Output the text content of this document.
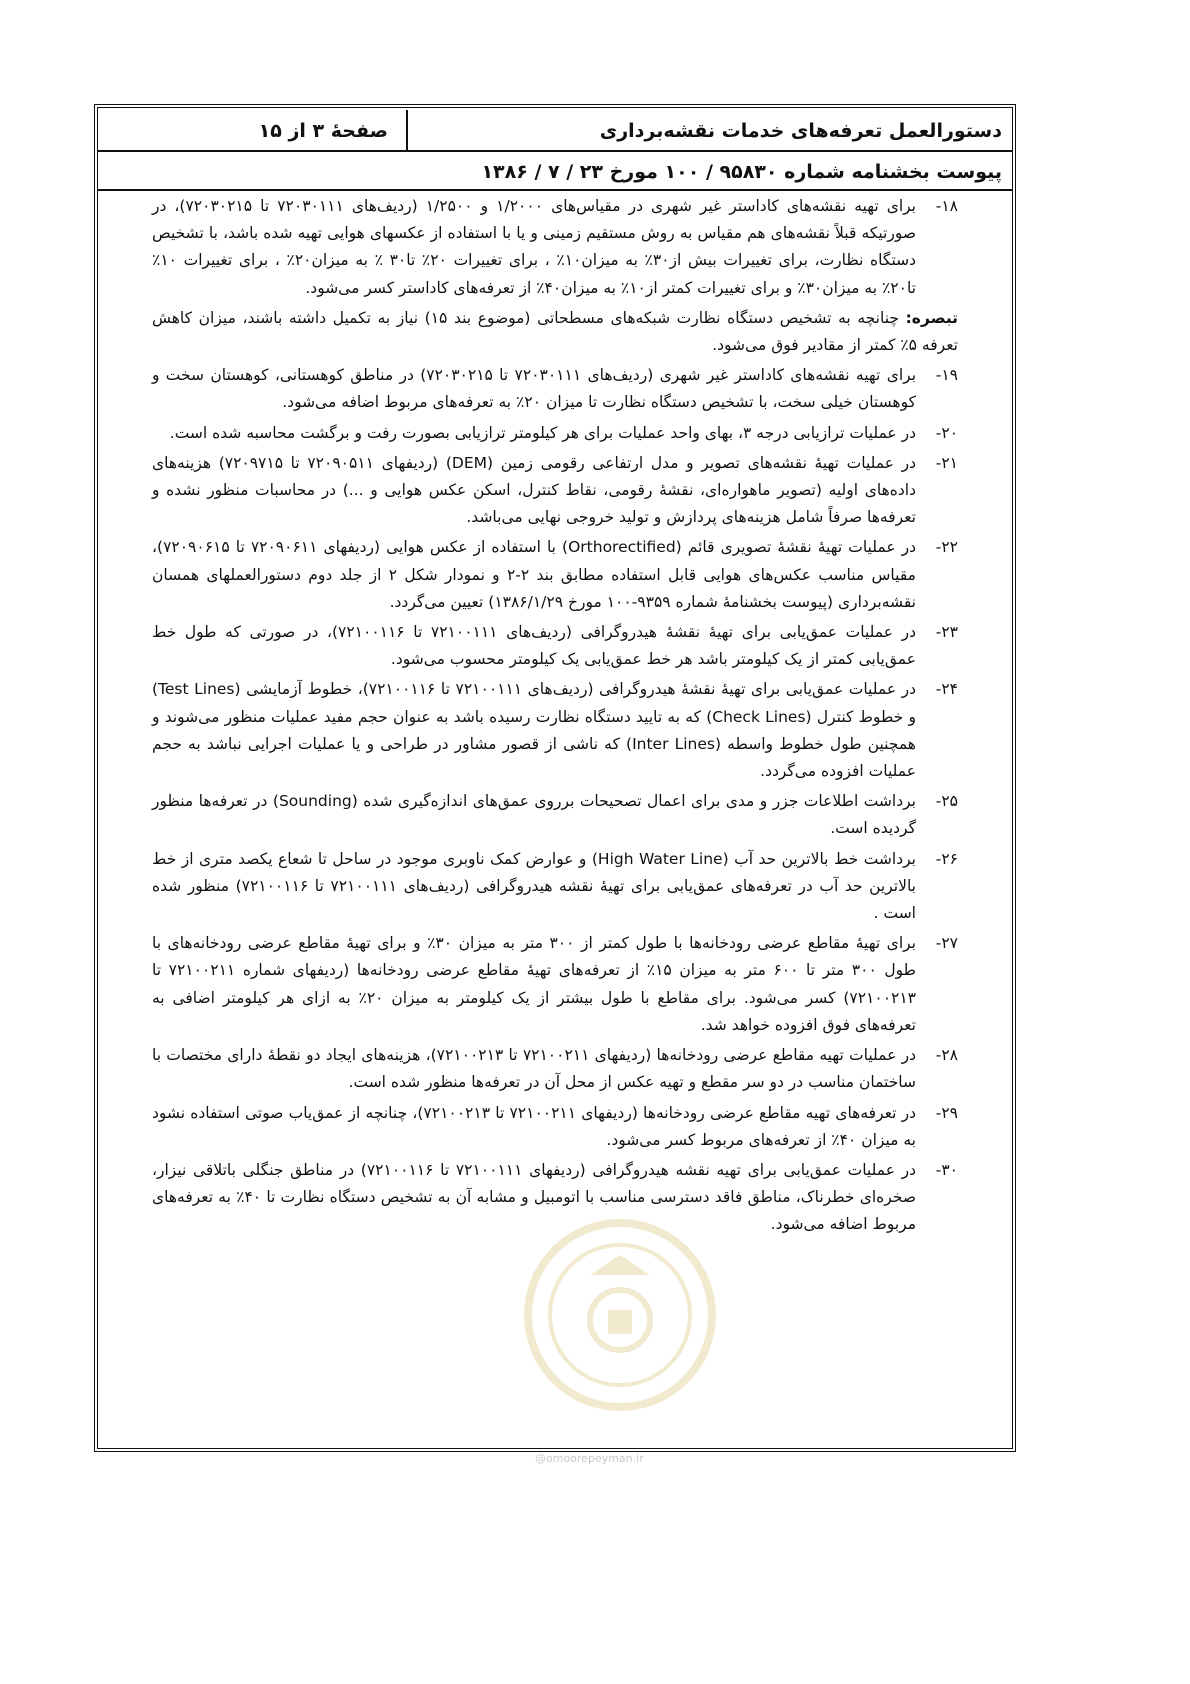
دستورالعمل تعرفه‌های خدمات نقشه‌برداری
صفحهٔ ۳ از ۱۵
پیوست بخشنامه شماره ۹۵۸۳۰ / ۱۰۰ مورخ ۲۳ / ۷ / ۱۳۸۶
۱۸-
برای تهیه نقشه‌های کاداستر غیر شهری در مقیاس‌های ۱/۲۰۰۰ و ۱/۲۵۰۰ (ردیف‌های ۷۲۰۳۰۱۱۱ تا ۷۲۰۳۰۲۱۵)، در صورتیکه قبلاً نقشه‌های هم مقیاس به روش مستقیم زمینی و یا با استفاده از عکسهای هوایی تهیه شده باشد، با تشخیص دستگاه نظارت، برای تغییرات بیش از۳۰٪ به میزان۱۰٪ ، برای تغییرات ۲۰٪ تا۳۰ ٪ به میزان۲۰٪ ، برای تغییرات ۱۰٪ تا۲۰٪ به میزان۳۰٪ و برای تغییرات کمتر از۱۰٪ به میزان۴۰٪ از تعرفه‌های کاداستر کسر می‌شود.
تبصره: چنانچه به تشخیص دستگاه نظارت شبکه‌های مسطحاتی (موضوع بند ۱۵) نیاز به تکمیل داشته باشند، میزان کاهش تعرفه ۵٪ کمتر از مقادیر فوق می‌شود.
۱۹-
برای تهیه نقشه‌های کاداستر غیر شهری (ردیف‌های ۷۲۰۳۰۱۱۱ تا ۷۲۰۳۰۲۱۵) در مناطق کوهستانی، کوهستان سخت و کوهستان خیلی سخت، با تشخیص دستگاه نظارت تا میزان ۲۰٪ به تعرفه‌های مربوط اضافه می‌شود.
۲۰-
در عملیات ترازیابی درجه ۳، بهای واحد عملیات برای هر کیلومتر ترازیابی بصورت رفت و برگشت محاسبه شده است.
۲۱-
در عملیات تهیهٔ نقشه‌های تصویر و مدل ارتفاعی رقومی زمین (DEM) (ردیفهای ۷۲۰۹۰۵۱۱ تا ۷۲۰۹۷۱۵) هزینه‌های داده‌های اولیه (تصویر ماهواره‌ای، نقشهٔ رقومی، نقاط کنترل، اسکن عکس هوایی و ...) در محاسبات منظور نشده و تعرفه‌ها صرفاً شامل هزینه‌های پردازش و تولید خروجی نهایی می‌باشد.
۲۲-
در عملیات تهیهٔ نقشهٔ تصویری قائم (Orthorectified) با استفاده از عکس هوایی (ردیفهای ۷۲۰۹۰۶۱۱ تا ۷۲۰۹۰۶۱۵)، مقیاس مناسب عکس‌های هوایی قابل استفاده مطابق بند ۲-۲ و نمودار شکل ۲ از جلد دوم دستورالعملهای همسان نقشه‌برداری (پیوست بخشنامهٔ شماره ۹۳۵۹-۱۰۰ مورخ ۱۳۸۶/۱/۲۹) تعیین می‌گردد.
۲۳-
در عملیات عمق‌یابی برای تهیهٔ نقشهٔ هیدروگرافی (ردیف‌های ۷۲۱۰۰۱۱۱ تا ۷۲۱۰۰۱۱۶)، در صورتی که طول خط عمق‌یابی کمتر از یک کیلومتر باشد هر خط عمق‌یابی یک کیلومتر محسوب می‌شود.
۲۴-
در عملیات عمق‌یابی برای تهیهٔ نقشهٔ هیدروگرافی (ردیف‌های ۷۲۱۰۰۱۱۱ تا ۷۲۱۰۰۱۱۶)، خطوط آزمایشی (Test Lines) و خطوط کنترل (Check Lines) که به تایید دستگاه نظارت رسیده باشد به عنوان حجم مفید عملیات منظور می‌شوند و همچنین طول خطوط واسطه (Inter Lines) که ناشی از قصور مشاور در طراحی و یا عملیات اجرایی نباشد به حجم عملیات افزوده می‌گردد.
۲۵-
برداشت اطلاعات جزر و مدی برای اعمال تصحیحات برروی عمق‌های اندازه‌گیری شده (Sounding) در تعرفه‌ها منظور گردیده است.
۲۶-
برداشت خط بالاترین حد آب (High Water Line) و عوارض کمک ناوبری موجود در ساحل تا شعاع یکصد متری از خط بالاترین حد آب در تعرفه‌های عمق‌یابی برای تهیهٔ نقشه هیدروگرافی (ردیف‌های ۷۲۱۰۰۱۱۱ تا ۷۲۱۰۰۱۱۶) منظور شده است .
۲۷-
برای تهیهٔ مقاطع عرضی رودخانه‌ها با طول کمتر از ۳۰۰ متر به میزان ۳۰٪ و برای تهیهٔ مقاطع عرضی رودخانه‌های با طول ۳۰۰ متر تا ۶۰۰ متر به میزان ۱۵٪ از تعرفه‌های تهیهٔ مقاطع عرضی رودخانه‌ها (ردیفهای شماره ۷۲۱۰۰۲۱۱ تا ۷۲۱۰۰۲۱۳) کسر می‌شود. برای مقاطع با طول بیشتر از یک کیلومتر به میزان ۲۰٪ به ازای هر کیلومتر اضافی به تعرفه‌های فوق افزوده خواهد شد.
۲۸-
در عملیات تهیه مقاطع عرضی رودخانه‌ها (ردیفهای ۷۲۱۰۰۲۱۱ تا ۷۲۱۰۰۲۱۳)، هزینه‌های ایجاد دو نقطهٔ دارای مختصات با ساختمان مناسب در دو سر مقطع و تهیه عکس از محل آن در تعرفه‌ها منظور شده است.
۲۹-
در تعرفه‌های تهیه مقاطع عرضی رودخانه‌ها (ردیفهای ۷۲۱۰۰۲۱۱ تا ۷۲۱۰۰۲۱۳)، چنانچه از عمق‌یاب صوتی استفاده نشود به میزان ۴۰٪ از تعرفه‌های مربوط کسر می‌شود.
۳۰-
در عملیات عمق‌یابی برای تهیه نقشه هیدروگرافی (ردیفهای ۷۲۱۰۰۱۱۱ تا ۷۲۱۰۰۱۱۶) در مناطق جنگلی باتلاقی نیزار، صخره‌ای خطرناک، مناطق فاقد دسترسی مناسب با اتومبیل و مشابه آن به تشخیص دستگاه نظارت تا ۴۰٪ به تعرفه‌های مربوط اضافه می‌شود.
@omoorepeyman.ir
